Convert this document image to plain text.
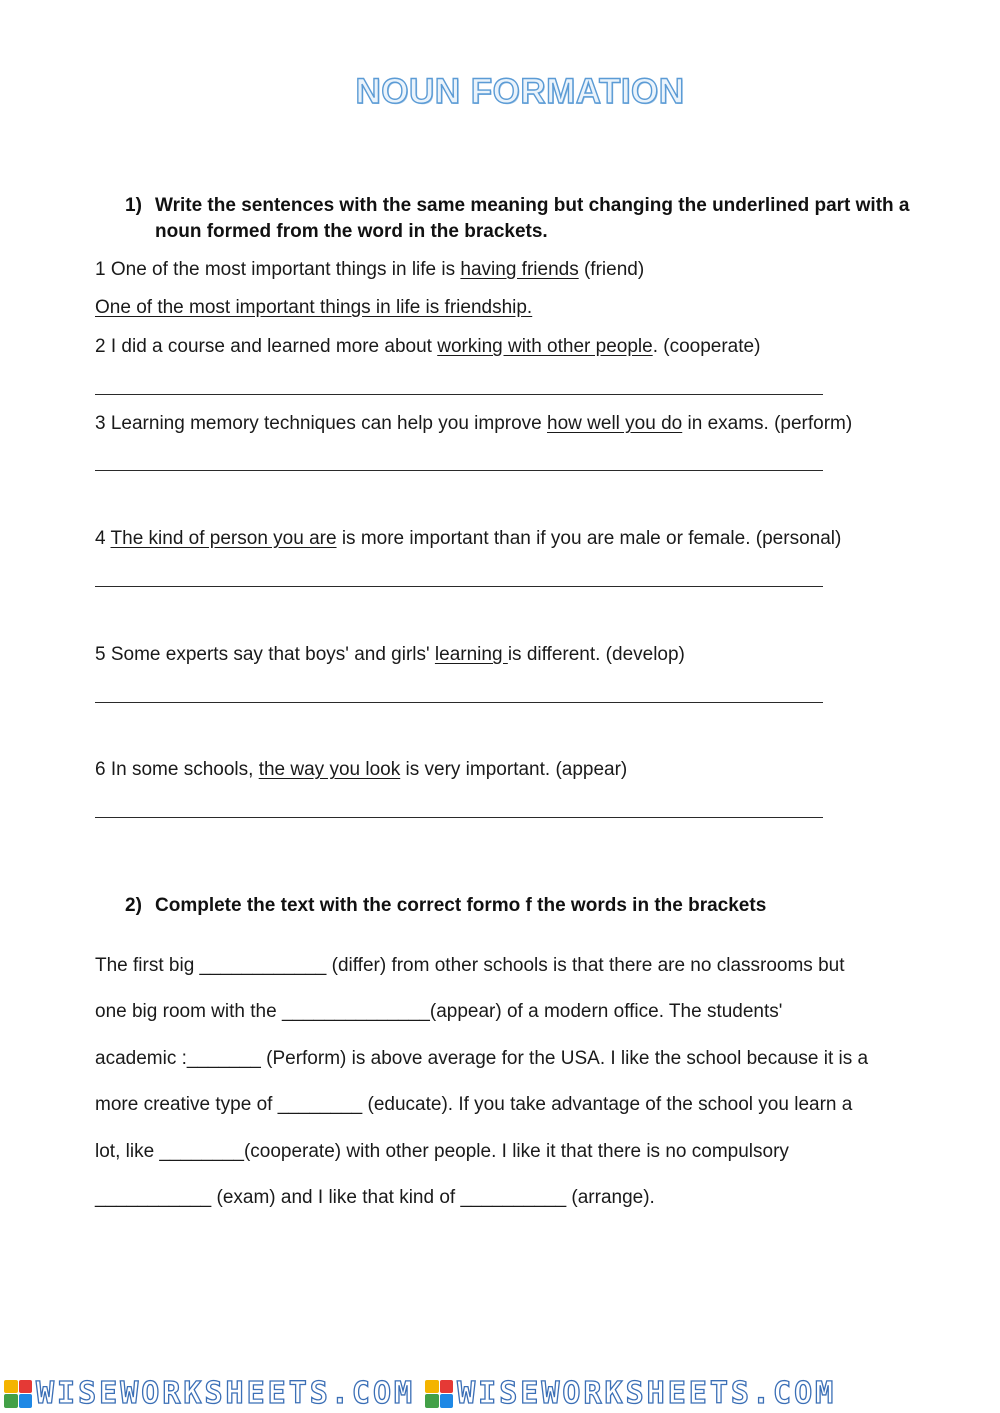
NOUN FORMATION
1) Write the sentences with the same meaning but changing the underlined part with a noun formed from the word in the brackets.
1 One of the most important things in life is having friends (friend)
One of the most important things in life is friendship.
2 I did a course and learned more about working with other people. (cooperate)
3 Learning memory techniques can help you improve how well you do in exams. (perform)
4 The kind of person you are is more important than if you are male or female. (personal)
5 Some experts say that boys' and girls' learning is different. (develop)
6 In some schools, the way you look is very important. (appear)
2) Complete the text with the correct formo f the words in the brackets
The first big ____________ (differ) from other schools is that there are no classrooms but
one big room with the ______________(appear) of a modern office. The students'
academic :_______ (Perform) is above average for the USA. I like the school because it is a
more creative type of ________ (educate). If you take advantage of the school you learn a
lot, like ________(cooperate) with other people. I like it that there is no compulsory
___________ (exam) and I like that kind of __________ (arrange).
WISEWORKSHEETS.COM WISEWORKSHEETS.COM
